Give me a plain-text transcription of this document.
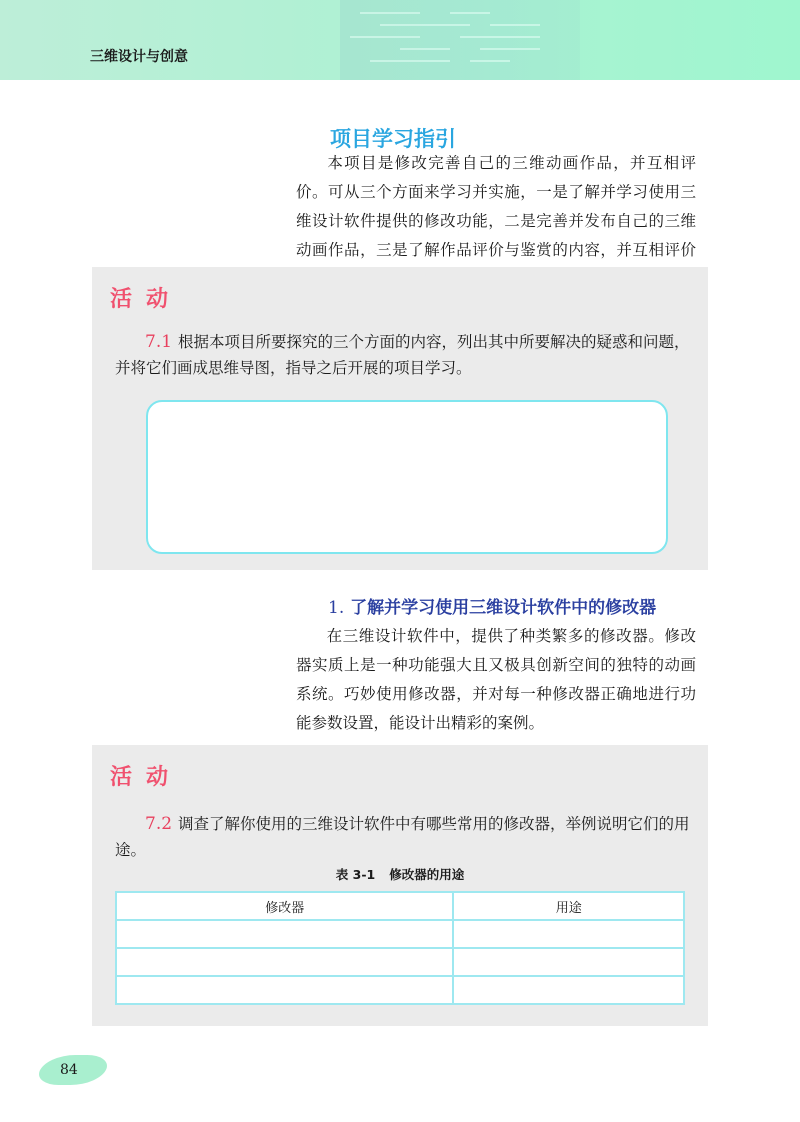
三维设计与创意
项目学习指引
本项目是修改完善自己的三维动画作品，并互相评价。可从三个方面来学习并实施，一是了解并学习使用三维设计软件提供的修改功能，二是完善并发布自己的三维动画作品，三是了解作品评价与鉴赏的内容，并互相评价
活动
7.1 根据本项目所要探究的三个方面的内容，列出其中所要解决的疑惑和问题，并将它们画成思维导图，指导之后开展的项目学习。
1. 了解并学习使用三维设计软件中的修改器
在三维设计软件中，提供了种类繁多的修改器。修改器实质上是一种功能强大且又极具创新空间的独特的动画系统。巧妙使用修改器，并对每一种修改器正确地进行功能参数设置，能设计出精彩的案例。
活动
7.2 调查了解你使用的三维设计软件中有哪些常用的修改器，举例说明它们的用途。
表 3-1 修改器的用途
修改器	用途

84
